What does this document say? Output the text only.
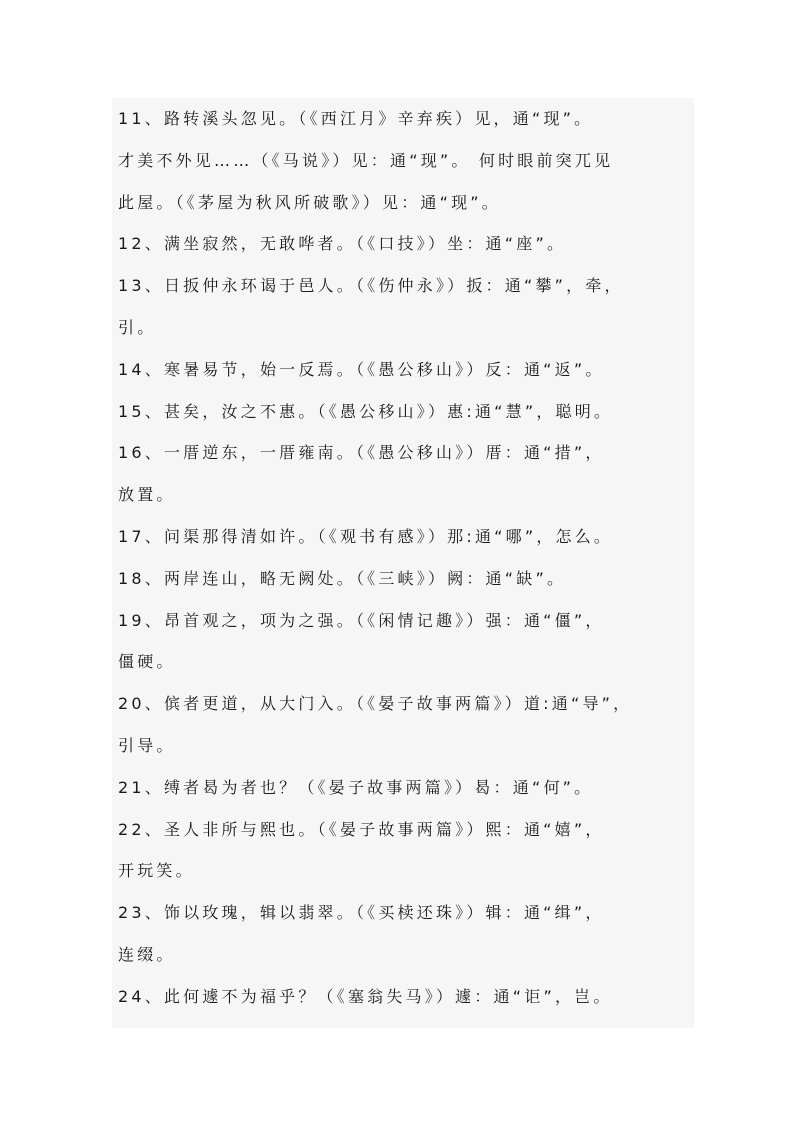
11、路转溪头忽见。（《西江月》辛弃疾）见，通“现”。
才美不外见……（《马说》）见：通“现”。 何时眼前突兀见
此屋。（《茅屋为秋风所破歌》）见：通“现”。
12、满坐寂然，无敢哗者。（《口技》）坐：通“座”。
13、日扳仲永环谒于邑人。（《伤仲永》）扳：通“攀”，牵，
引。
14、寒暑易节，始一反焉。（《愚公移山》）反：通“返”。
15、甚矣，汝之不惠。（《愚公移山》）惠:通“慧”，聪明。
16、一厝逆东，一厝雍南。（《愚公移山》）厝：通“措”，
放置。
17、问渠那得清如许。（《观书有感》）那:通“哪”，怎么。
18、两岸连山，略无阙处。（《三峡》）阙：通“缺”。
19、昂首观之，项为之强。（《闲情记趣》）强：通“僵”，
僵硬。
20、傧者更道，从大门入。（《晏子故事两篇》）道:通“导”，
引导。
21、缚者曷为者也？（《晏子故事两篇》）曷：通“何”。
22、圣人非所与熙也。（《晏子故事两篇》）熙：通“嬉”，
开玩笑。
23、饰以玫瑰，辑以翡翠。（《买椟还珠》）辑：通“缉”，
连缀。
24、此何遽不为福乎？（《塞翁失马》）遽：通“讵”，岂。
